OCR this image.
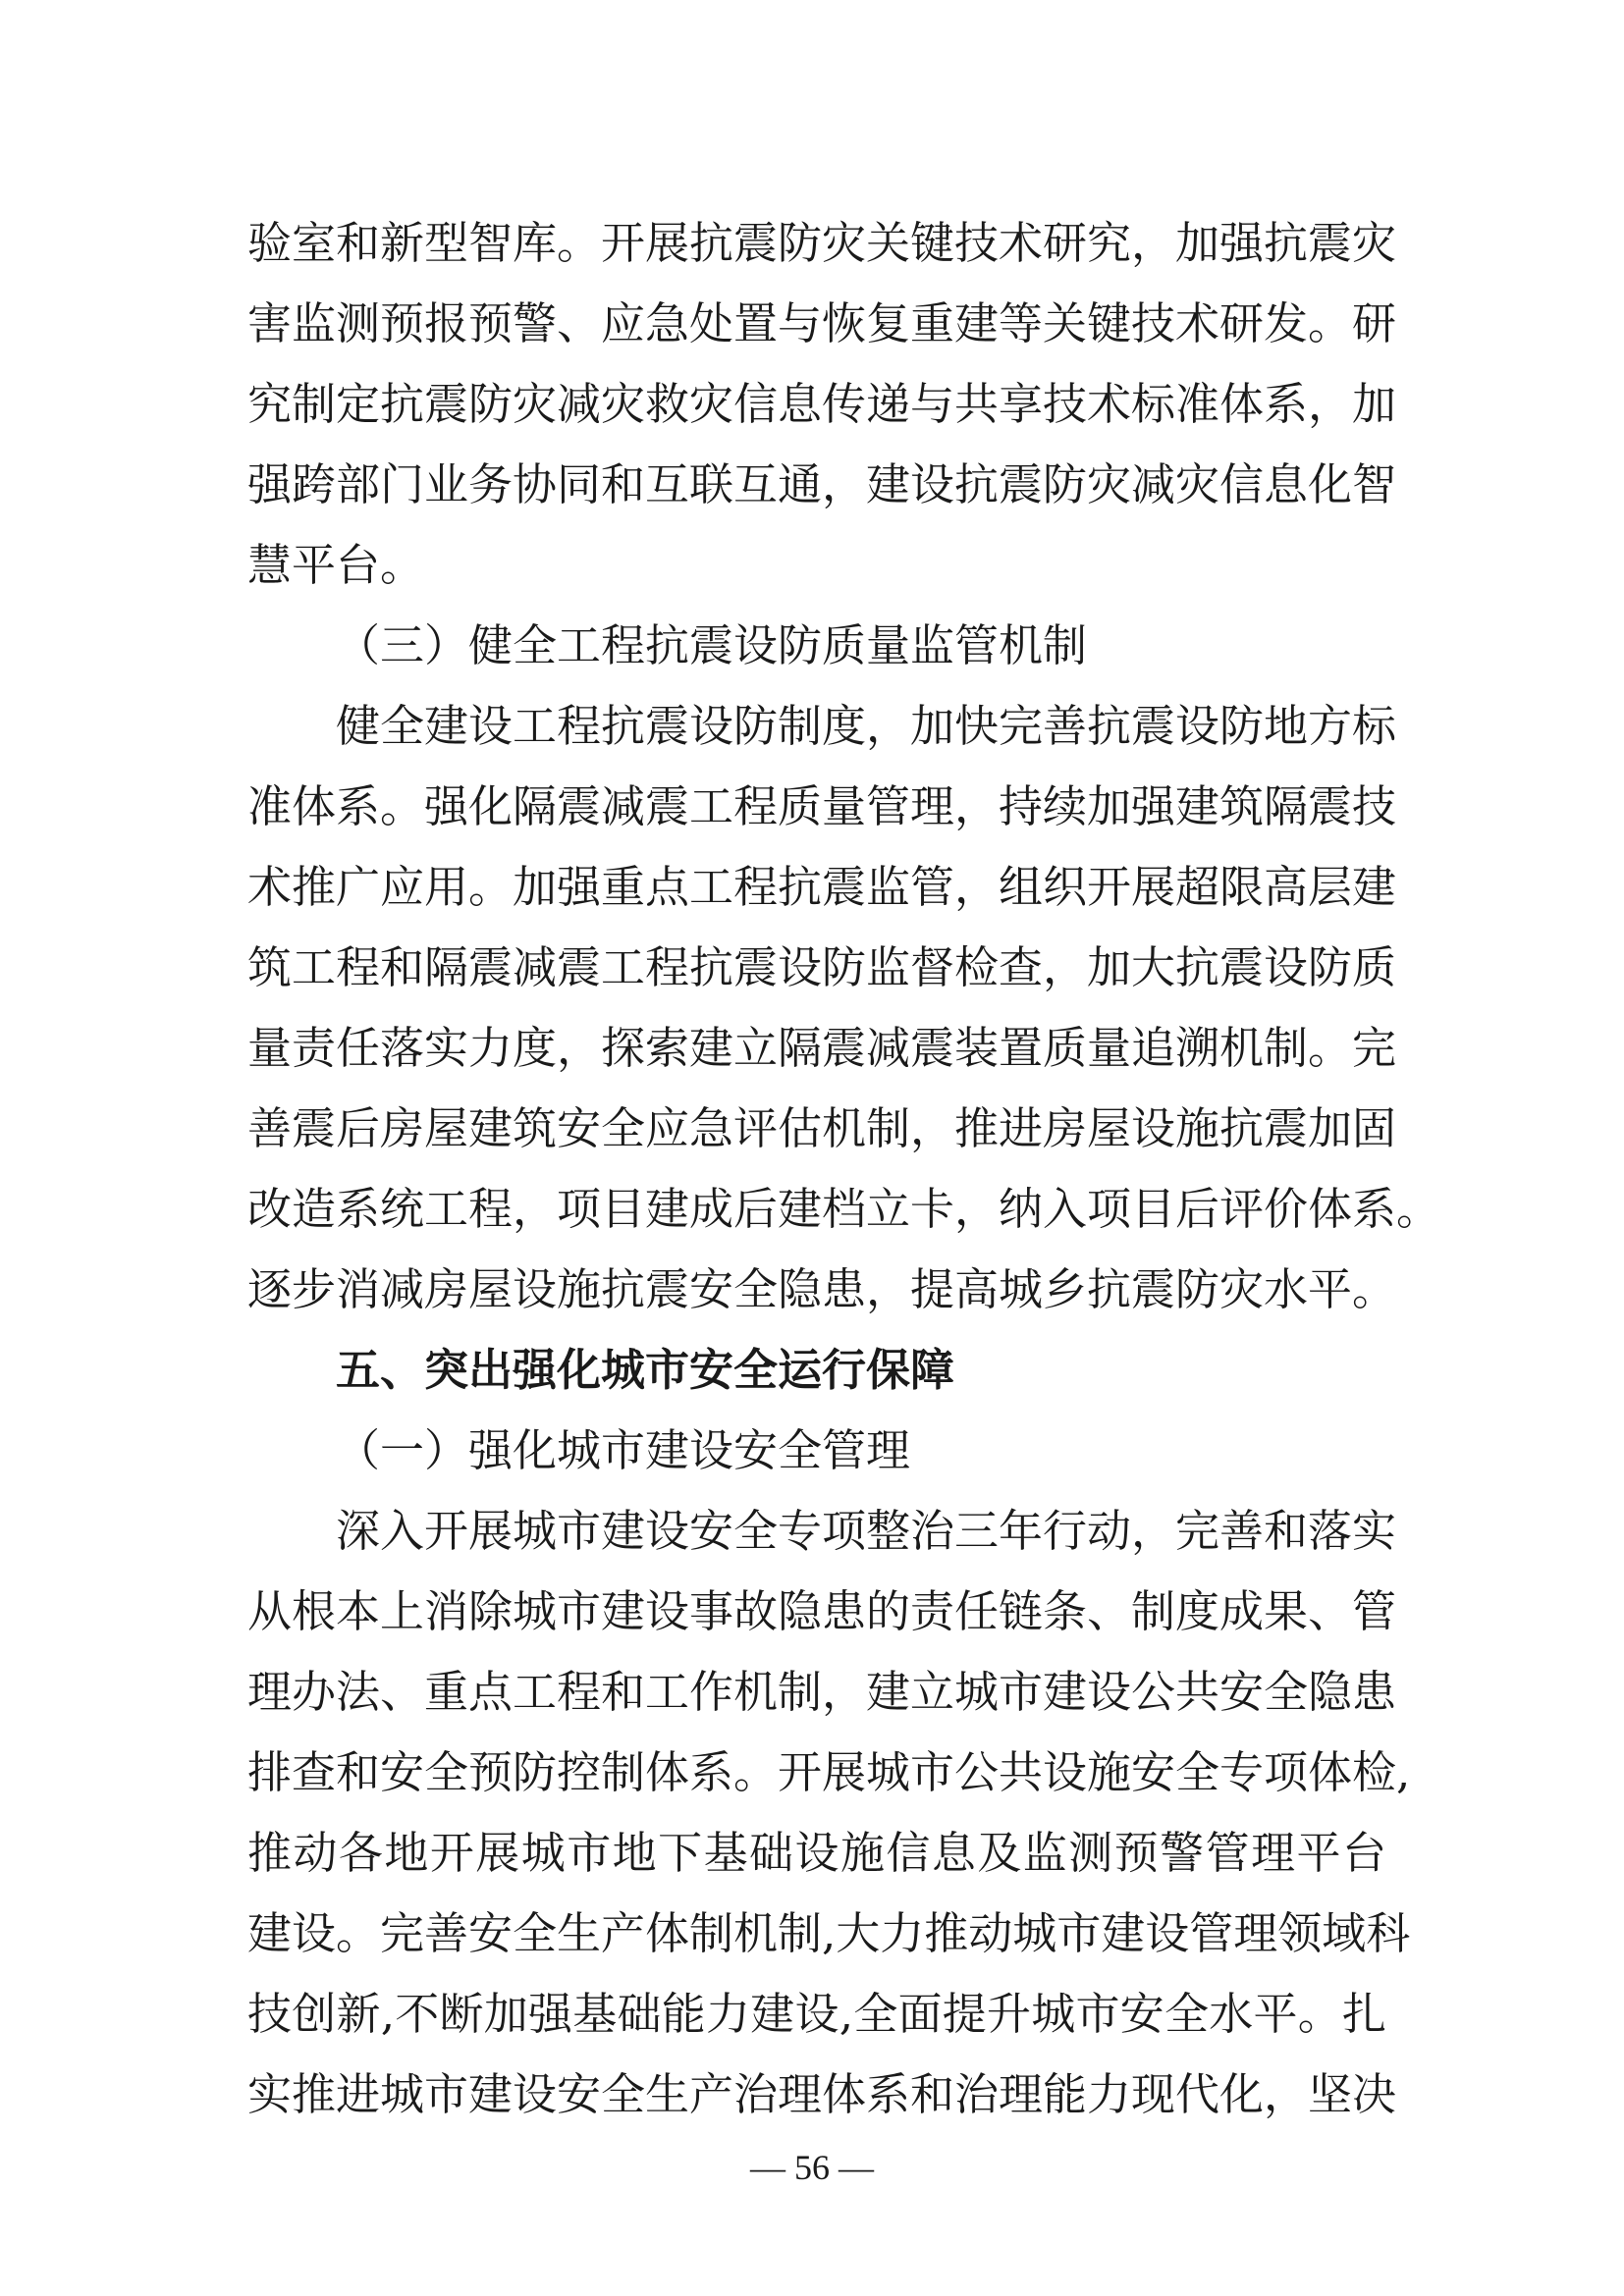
验室和新型智库。开展抗震防灾关键技术研究，加强抗震灾
害监测预报预警、应急处置与恢复重建等关键技术研发。研
究制定抗震防灾减灾救灾信息传递与共享技术标准体系，加
强跨部门业务协同和互联互通，建设抗震防灾减灾信息化智
慧平台。
（三）健全工程抗震设防质量监管机制
健全建设工程抗震设防制度，加快完善抗震设防地方标
准体系。强化隔震减震工程质量管理，持续加强建筑隔震技
术推广应用。加强重点工程抗震监管，组织开展超限高层建
筑工程和隔震减震工程抗震设防监督检查，加大抗震设防质
量责任落实力度，探索建立隔震减震装置质量追溯机制。完
善震后房屋建筑安全应急评估机制，推进房屋设施抗震加固
改造系统工程，项目建成后建档立卡，纳入项目后评价体系。
逐步消减房屋设施抗震安全隐患，提高城乡抗震防灾水平。
五、突出强化城市安全运行保障
（一）强化城市建设安全管理
深入开展城市建设安全专项整治三年行动，完善和落实
从根本上消除城市建设事故隐患的责任链条、制度成果、管
理办法、重点工程和工作机制，建立城市建设公共安全隐患
排查和安全预防控制体系。开展城市公共设施安全专项体检,
推动各地开展城市地下基础设施信息及监测预警管理平台
建设。完善安全生产体制机制,大力推动城市建设管理领域科
技创新,不断加强基础能力建设,全面提升城市安全水平。扎
实推进城市建设安全生产治理体系和治理能力现代化，坚决
— 56 —
